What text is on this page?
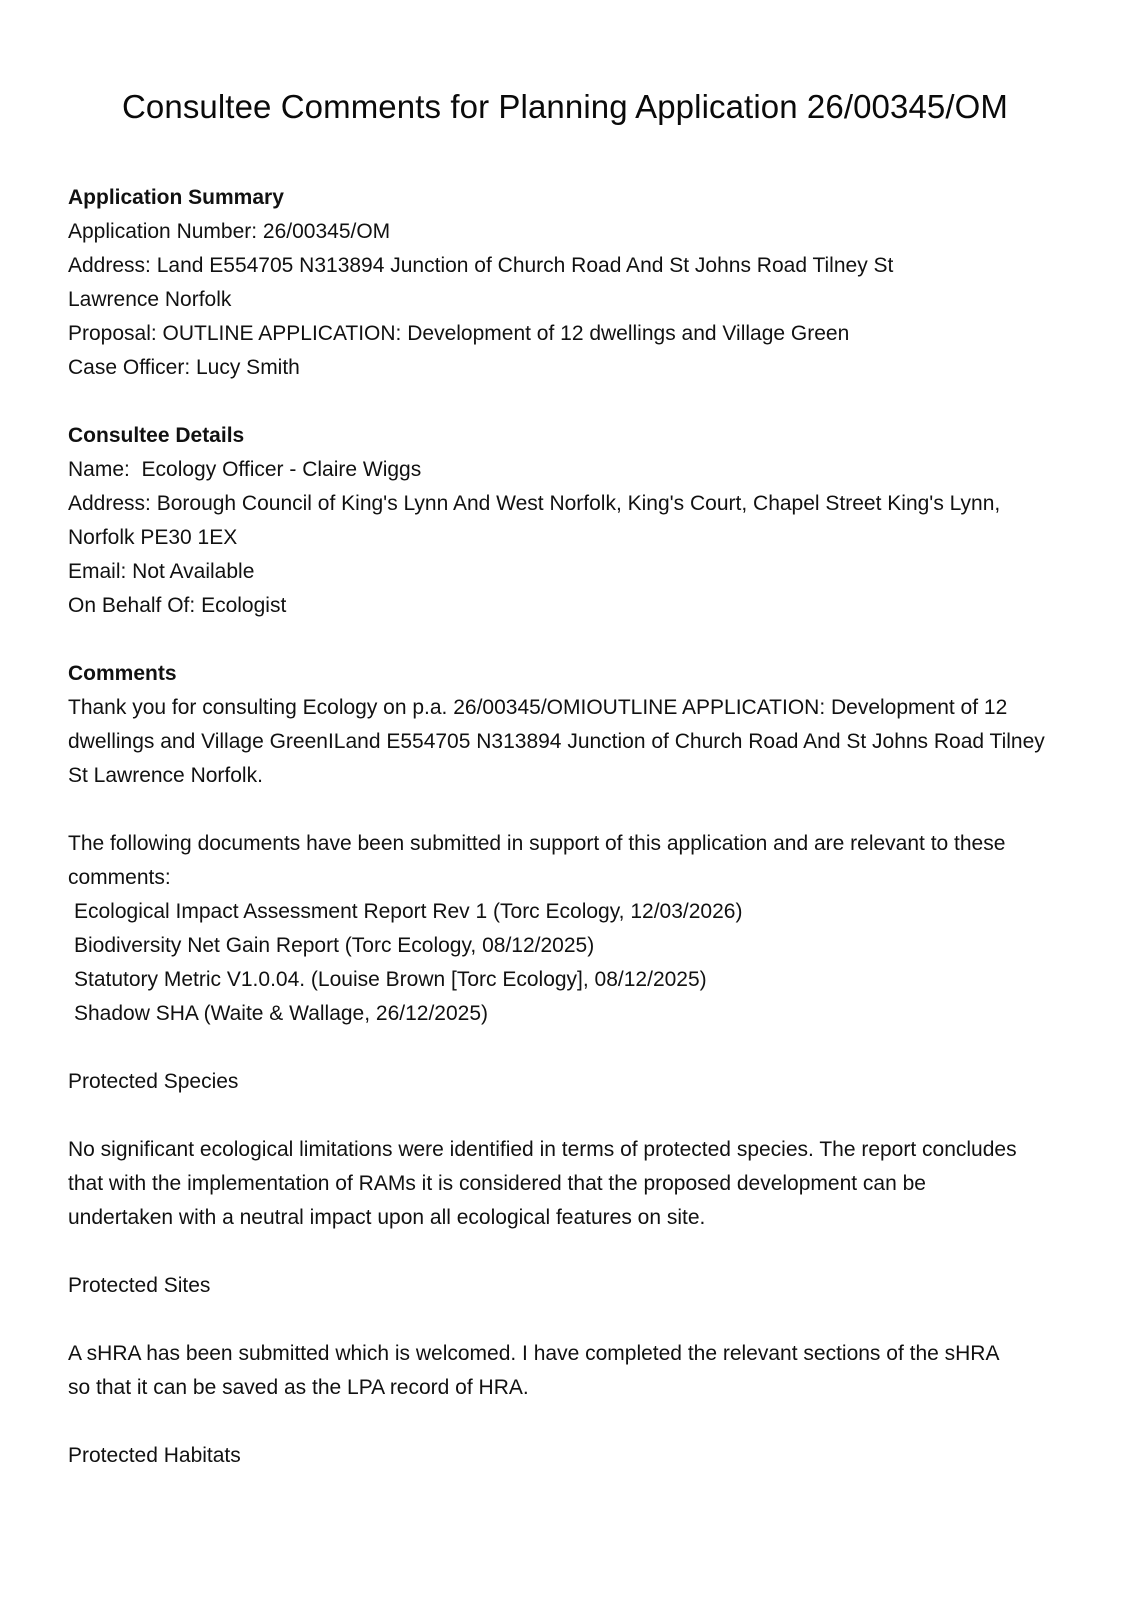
Consultee Comments for Planning Application 26/00345/OM

Application Summary

Application Number: 26/00345/OM

Address: Land E554705 N313894 Junction of Church Road And St Johns Road Tilney St Lawrence Norfolk

Proposal: OUTLINE APPLICATION: Development of 12 dwellings and Village Green

Case Officer: Lucy Smith

Consultee Details

Name:  Ecology Officer - Claire Wiggs

Address: Borough Council of King's Lynn And West Norfolk, King's Court, Chapel Street King's Lynn, Norfolk PE30 1EX

Email: Not Available

On Behalf Of: Ecologist

Comments

Thank you for consulting Ecology on p.a. 26/00345/OMIOUTLINE APPLICATION: Development of 12 dwellings and Village GreenILand E554705 N313894 Junction of Church Road And St Johns Road Tilney St Lawrence Norfolk.

The following documents have been submitted in support of this application and are relevant to these comments:

Ecological Impact Assessment Report Rev 1 (Torc Ecology, 12/03/2026)

Biodiversity Net Gain Report (Torc Ecology, 08/12/2025)

Statutory Metric V1.0.04. (Louise Brown [Torc Ecology], 08/12/2025)

Shadow SHA (Waite & Wallage, 26/12/2025)

Protected Species

No significant ecological limitations were identified in terms of protected species. The report concludes that with the implementation of RAMs it is considered that the proposed development can be undertaken with a neutral impact upon all ecological features on site.

Protected Sites

A sHRA has been submitted which is welcomed. I have completed the relevant sections of the sHRA so that it can be saved as the LPA record of HRA.

Protected Habitats
